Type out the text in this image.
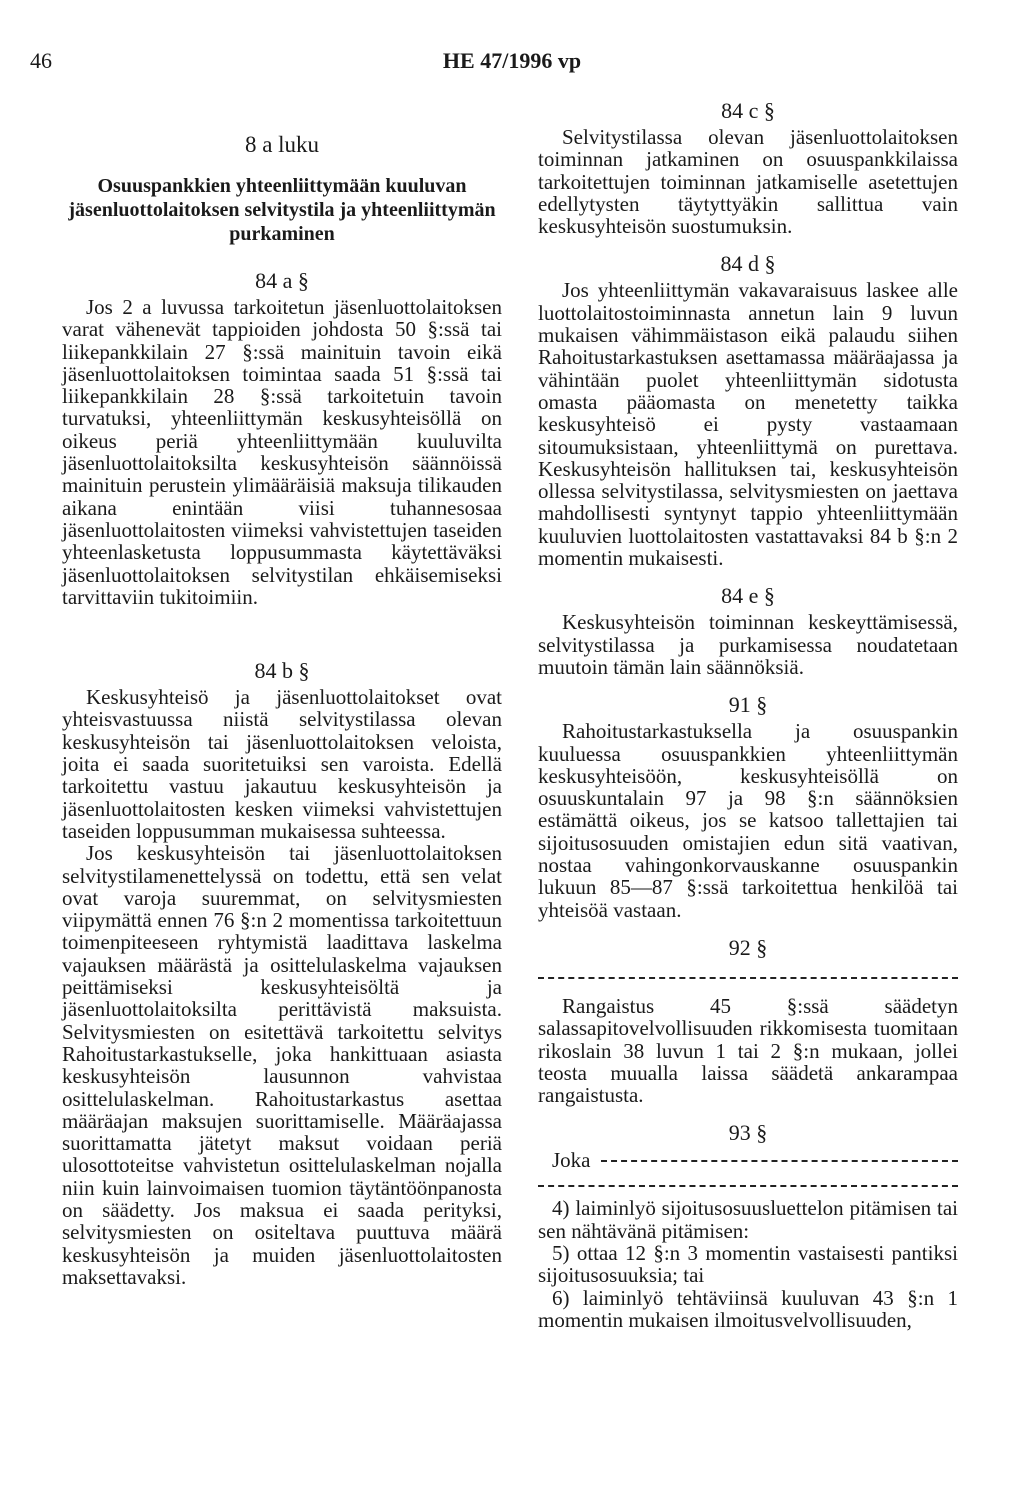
46	HE 47/1996 vp
8 a luku
Osuuspankkien yhteenliittymään kuuluvan jäsenluottolaitoksen selvitystila ja yhteenliittymän purkaminen
84 a §

Jos 2 a luvussa tarkoitetun jäsenluottolaitoksen varat vähenevät tappioiden johdosta 50 §:ssä tai liikepankkilain 27 §:ssä mainituin tavoin eikä jäsenluottolaitoksen toimintaa saada 51 §:ssä tai liikepankkilain 28 §:ssä tarkoitetuin tavoin turvatuksi, yhteenliittymän keskusyhteisöllä on oikeus periä yhteenliittymään kuuluvilta jäsenluottolaitoksilta keskusyhteisön säännöissä mainituin perustein ylimääräisiä maksuja tilikauden aikana enintään viisi tuhannesosaa jäsenluottolaitosten viimeksi vahvistettujen taseiden yhteenlasketusta loppusummasta käytettäväksi jäsenluottolaitoksen selvitystilan ehkäisemiseksi tarvittaviin tukitoimiin.

84 b §

Keskusyhteisö ja jäsenluottolaitokset ovat yhteisvastuussa niistä selvitystilassa olevan keskusyhteisön tai jäsenluottolaitoksen veloista, joita ei saada suoritetuiksi sen varoista. Edellä tarkoitettu vastuu jakautuu keskusyhteisön ja jäsenluottolaitosten kesken viimeksi vahvistettujen taseiden loppusumman mukaisessa suhteessa.

Jos keskusyhteisön tai jäsenluottolaitoksen selvitystilamenettelyssä on todettu, että sen velat ovat varoja suuremmat, on selvitysmiesten viipymättä ennen 76 §:n 2 momentissa tarkoitettuun toimenpiteeseen ryhtymistä laadittava laskelma vajauksen määrästä ja osittelulaskelma vajauksen peittämiseksi keskusyhteisöltä ja jäsenluottolaitoksilta perittävistä maksuista. Selvitysmiesten on esitettävä tarkoitettu selvitys Rahoitustarkastukselle, joka hankittuaan asiasta keskusyhteisön lausunnon vahvistaa osittelulaskelman. Rahoitustarkastus asettaa määräajan maksujen suorittamiselle. Määräajassa suorittamatta jätetyt maksut voidaan periä ulosottoteitse vahvistetun osittelulaskelman nojalla niin kuin lainvoimaisen tuomion täytäntöönpanosta on säädetty. Jos maksua ei saada perityksi, selvitysmiesten on ositeltava puuttuva määrä keskusyhteisön ja muiden jäsenluottolaitosten maksettavaksi.

84 c §

Selvitystilassa olevan jäsenluottolaitoksen toiminnan jatkaminen on osuuspankkilaissa tarkoitettujen toiminnan jatkamiselle asetettujen edellytysten täytyttyäkin sallittua vain keskusyhteisön suostumuksin.

84 d §

Jos yhteenliittymän vakavaraisuus laskee alle luottolaitostoiminnasta annetun lain 9 luvun mukaisen vähimmäistason eikä palaudu siihen Rahoitustarkastuksen asettamassa määräajassa ja vähintään puolet yhteenliittymän sidotusta omasta pääomasta on menetetty taikka keskusyhteisö ei pysty vastaamaan sitoumuksistaan, yhteenliittymä on purettava. Keskusyhteisön hallituksen tai, keskusyhteisön ollessa selvitystilassa, selvitysmiesten on jaettava mahdollisesti syntynyt tappio yhteenliittymään kuuluvien luottolaitosten vastattavaksi 84 b §:n 2 momentin mukaisesti.

84 e §

Keskusyhteisön toiminnan keskeyttämisessä, selvitystilassa ja purkamisessa noudatetaan muutoin tämän lain säännöksiä.

91 §

Rahoitustarkastuksella ja osuuspankin kuuluessa osuuspankkien yhteenliittymän keskusyhteisöön, keskusyhteisöllä on osuuskuntalain 97 ja 98 §:n säännöksien estämättä oikeus, jos se katsoo tallettajien tai sijoitusosuuden omistajien edun sitä vaativan, nostaa vahingonkorvauskanne osuuspankin lukuun 85—87 §:ssä tarkoitettua henkilöä tai yhteisöä vastaan.

92 §

Rangaistus 45 §:ssä säädetyn salassapitovelvollisuuden rikkomisesta tuomitaan rikoslain 38 luvun 1 tai 2 §:n mukaan, jollei teosta muualla laissa säädetä ankarampaa rangaistusta.

93 §
Joka

4) laiminlyö sijoitusosuusluettelon pitämisen tai sen nähtävänä pitämisen:

5) ottaa 12 §:n 3 momentin vastaisesti pantiksi sijoitusosuuksia; tai

6) laiminlyö tehtäviinsä kuuluvan 43 §:n 1 momentin mukaisen ilmoitusvelvollisuuden,
